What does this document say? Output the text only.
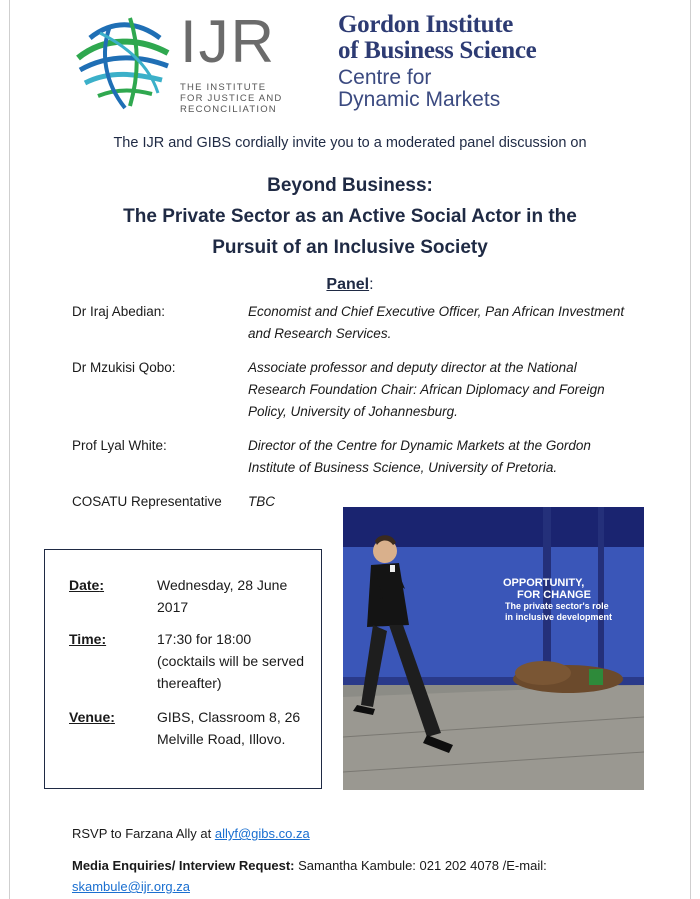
IJR
THE INSTITUTE
FOR JUSTICE AND
RECONCILIATION
Gordon Institute
of Business Science
Centre for
Dynamic Markets
The IJR and GIBS cordially invite you to a moderated panel discussion on
Beyond Business:
The Private Sector as an Active Social Actor in the
Pursuit of an Inclusive Society
Panel:
Dr Iraj Abedian:	Economist and Chief Executive Officer, Pan African Investment and Research Services.
Dr Mzukisi Qobo:	Associate professor and deputy director at the National Research Foundation Chair: African Diplomacy and Foreign Policy, University of Johannesburg.
Prof Lyal White:	Director of the Centre for Dynamic Markets at the Gordon Institute of Business Science, University of Pretoria.
COSATU Representative	TBC
Date:	Wednesday, 28 June 2017
Time:	17:30 for 18:00 (cocktails will be served thereafter)
Venue:	GIBS, Classroom 8, 26 Melville Road, Illovo.
OPPORTUNITY,
FOR CHANGE
The private sector's role
in inclusive development
RSVP to Farzana Ally at allyf@gibs.co.za
Media Enquiries/ Interview Request: Samantha Kambule: 021 202 4078 /E-mail:
skambule@ijr.org.za
